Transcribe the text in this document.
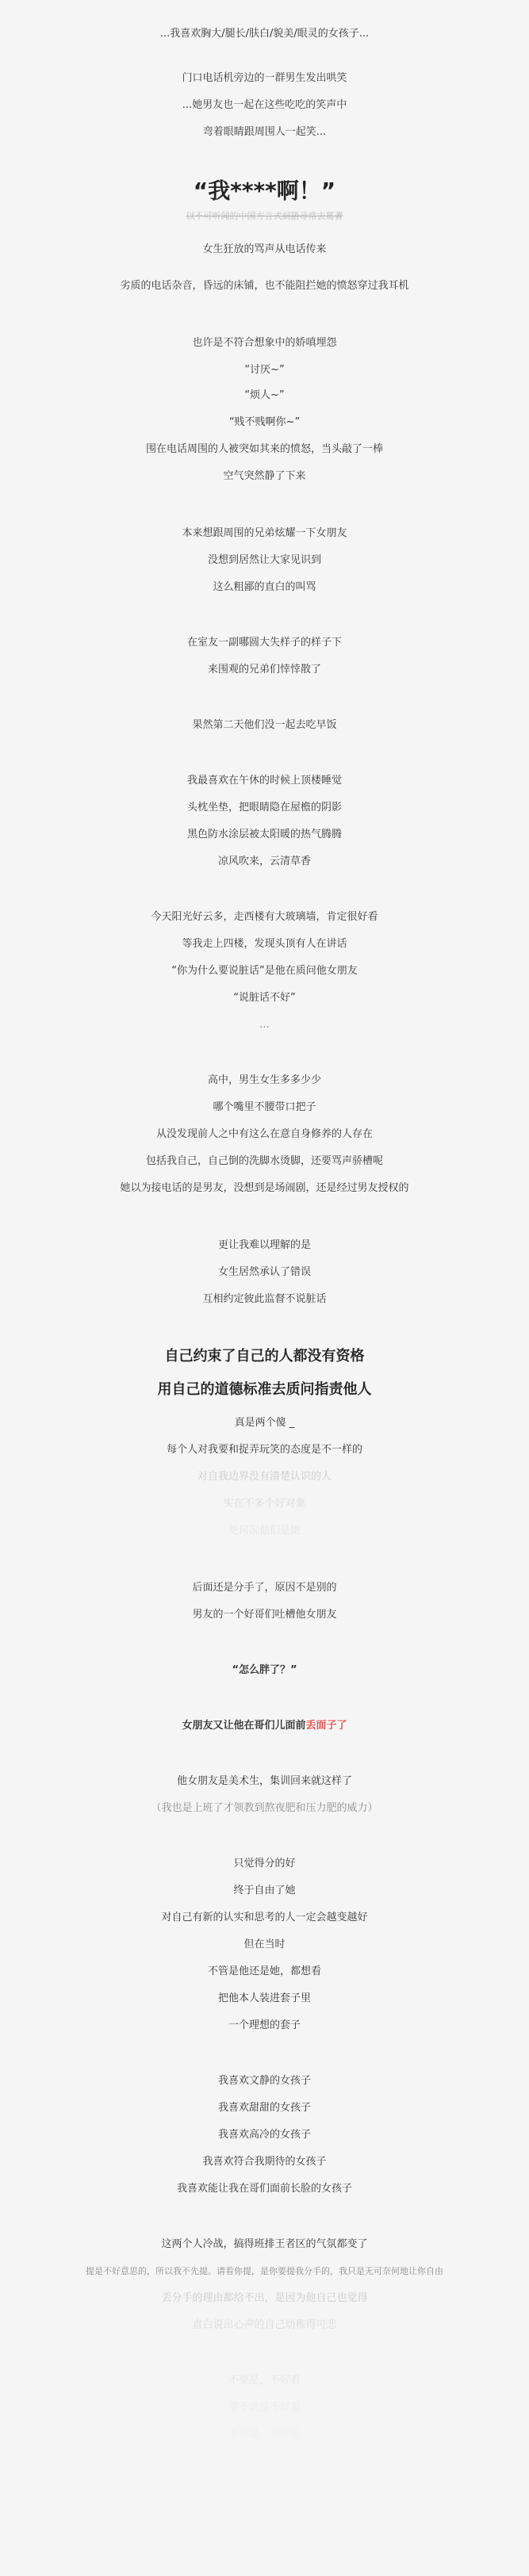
...我喜欢胸大/腿长/肤白/貌美/眼灵的女孩子...
门口电话机旁边的一群男生发出哄笑
...她男友也一起在这些吃吃的笑声中
弯着眼睛跟周围人一起笑...
“我****啊！”
以不可听闻的中国方言式詞語尋常去罵著
女生狂放的骂声从电话传来
劣质的电话杂音，昏远的床铺，也不能阻拦她的愤怒穿过我耳机
也许是不符合想象中的娇嗔埋怨
“讨厌~”
“烦人~”
“贱不贱啊你~”
围在电话周围的人被突如其来的愤怒，当头敲了一棒
空气突然静了下来
本来想跟周围的兄弟炫耀一下女朋友
没想到居然让大家见识到
这么粗鄙的直白的叫骂
在室友一副哪圆大失样子的样子下
来围观的兄弟们悻悻散了
果然第二天他们没一起去吃早饭
我最喜欢在午休的时候上顶楼睡觉
头枕坐垫，把眼睛隐在屋檐的阴影
黑色防水涂层被太阳暖的热气腾腾
凉风吹来，云清草香
今天阳光好云多，走西楼有大玻璃墙，肯定很好看
等我走上四楼，发现头顶有人在讲话
“你为什么要说脏话”是他在质问他女朋友
“说脏话不好”
...
高中，男生女生多多少少
哪个嘴里不腰带口把子
从没发现前人之中有这么在意自身修养的人存在
包括我自己，自己倒的洗脚水烫脚，还要骂声骄槽呢
她以为接电话的是男友，没想到是场闹剧，还是经过男友授权的
更让我难以理解的是
女生居然承认了错误
互相约定彼此监督不说脏话
自己约束了自己的人都没有资格
用自己的道德标准去质问指责他人
真是两个傻 _
每个人对我要和捉弄玩笑的态度是不一样的
对自我边界没有清楚认识的人
实在不多个好对象
更何况他们是她
后面还是分手了，原因不是别的
男友的一个好哥们吐槽他女朋友
“怎么胖了？”
女朋友又让他在哥们儿面前丢面子了
他女朋友是美术生，集训回来就这样了
（我也是上班了才领教到熬夜肥和压力肥的威力）
只觉得分的好
终于自由了她
对自己有新的认实和思考的人一定会越变越好
但在当时
不管是他还是她，都想看
把他本人装进套子里
一个理想的套子
我喜欢文静的女孩子
我喜欢甜甜的女孩子
我喜欢高冷的女孩子
我喜欢符合我期待的女孩子
我喜欢能让我在哥们面前长脸的女孩子
这两个人冷战，搞得班排王者区的气氛都变了
提是不好意思的，所以我不先提。请看你提，是你要提我分手的，我只是无可奈何地让你自由
丢分手的理由都给不出，是因为他自己也觉得
直白说出心声的自己幼稚得可悲
不要是，不好看
要不就是不好看
不要是，不好看
